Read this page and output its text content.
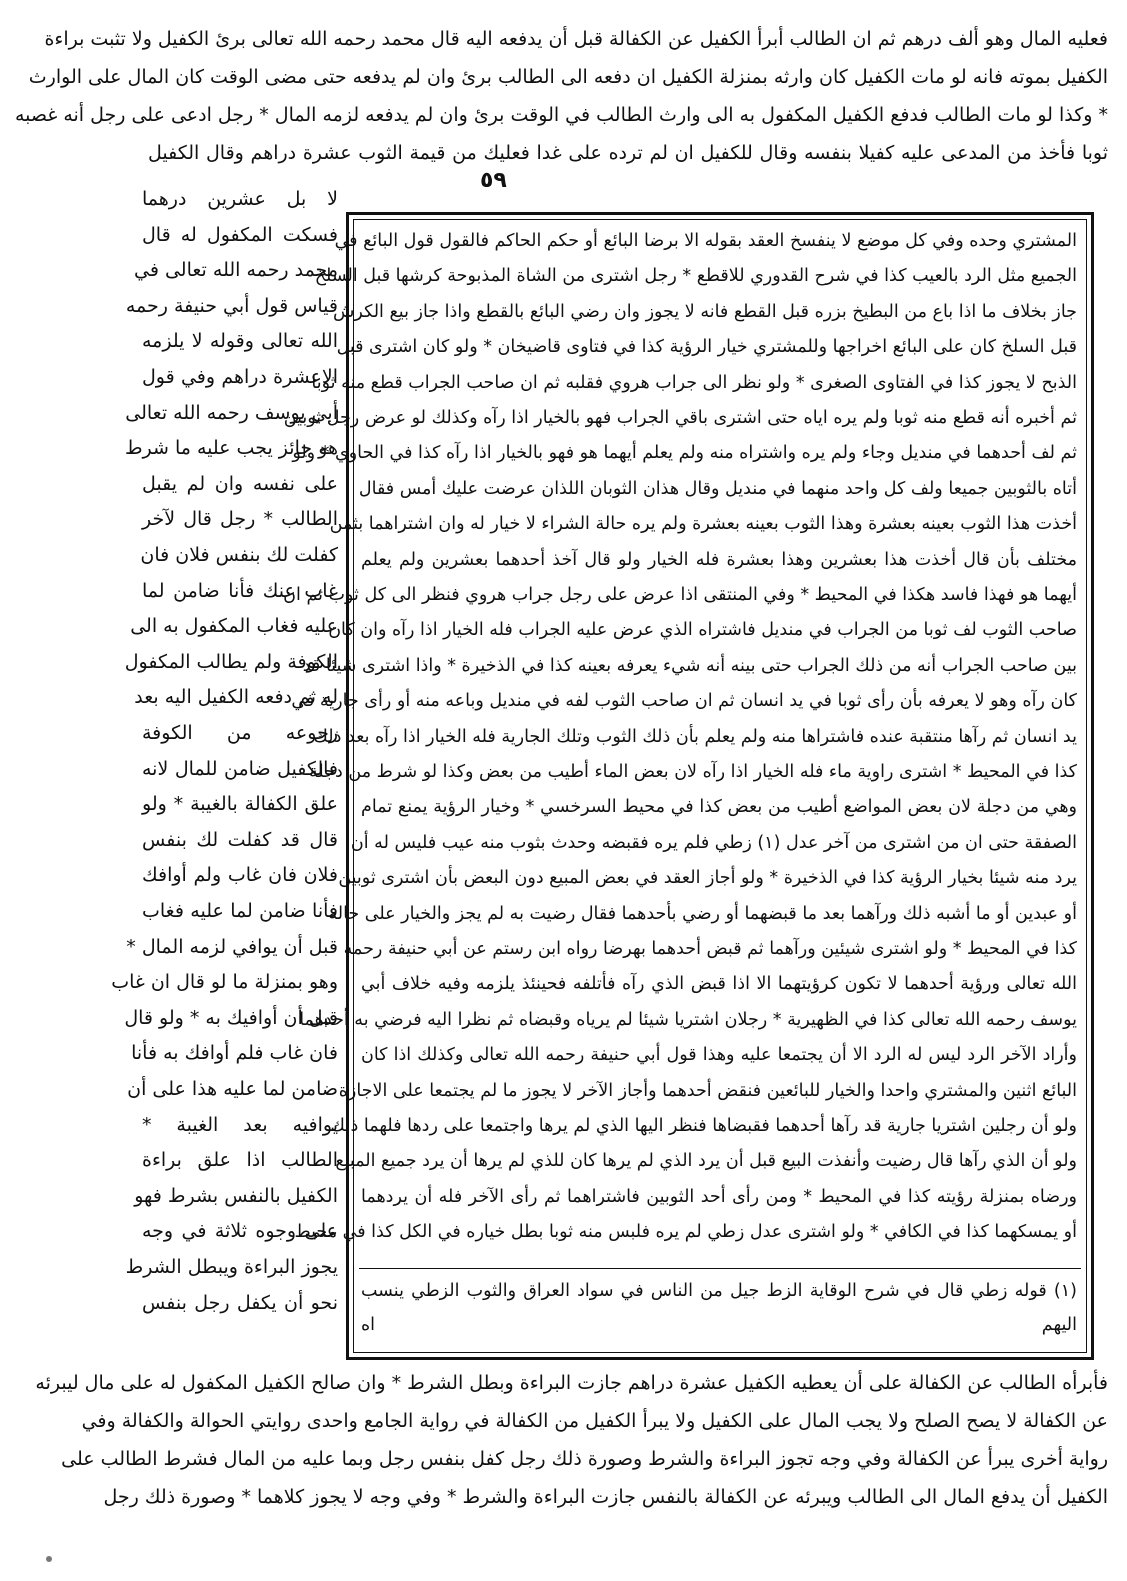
فعليه المال وهو ألف درهم ثم ان الطالب أبرأ الكفيل عن الكفالة قبل أن يدفعه اليه قال محمد رحمه الله تعالى برئ الكفيل ولا تثبت براءة
الكفيل بموته فانه لو مات الكفيل كان وارثه بمنزلة الكفيل ان دفعه الى الطالب برئ وان لم يدفعه حتى مضى الوقت كان المال على الوارث
* وكذا لو مات الطالب فدفع الكفيل المكفول به الى وارث الطالب في الوقت برئ وان لم يدفعه لزمه المال * رجل ادعى على رجل أنه غصبه
ثوبا فأخذ من المدعى عليه كفيلا بنفسه وقال للكفيل ان لم ترده على غدا فعليك من قيمة الثوب عشرة دراهم وقال الكفيل
٥٩
المشتري وحده وفي كل موضع لا ينفسخ العقد بقوله الا برضا البائع أو حكم الحاكم فالقول قول البائع في
الجميع مثل الرد بالعيب كذا في شرح القدوري للاقطع * رجل اشترى من الشاة المذبوحة كرشها قبل السلخ
جاز بخلاف ما اذا باع من البطيخ بزره قبل القطع فانه لا يجوز وان رضي البائع بالقطع واذا جاز بيع الكرش
قبل السلخ كان على البائع اخراجها وللمشتري خيار الرؤية كذا في فتاوى قاضيخان * ولو كان اشترى قبل
الذبح لا يجوز كذا في الفتاوى الصغرى * ولو نظر الى جراب هروي فقلبه ثم ان صاحب الجراب قطع منه ثوبا
ثم أخبره أنه قطع منه ثوبا ولم يره اياه حتى اشترى باقي الجراب فهو بالخيار اذا رآه وكذلك لو عرض رجل ثوبين
ثم لف أحدهما في منديل وجاء ولم يره واشتراه منه ولم يعلم أيهما هو فهو بالخيار اذا رآه كذا في الحاوي * ولو
أتاه بالثوبين جميعا ولف كل واحد منهما في منديل وقال هذان الثوبان اللذان عرضت عليك أمس فقال
أخذت هذا الثوب بعينه بعشرة وهذا الثوب بعينه بعشرة ولم يره حالة الشراء لا خيار له وان اشتراهما بثمن
مختلف بأن قال أخذت هذا بعشرين وهذا بعشرة فله الخيار ولو قال آخذ أحدهما بعشرين ولم يعلم
أيهما هو فهذا فاسد هكذا في المحيط * وفي المنتقى اذا عرض على رجل جراب هروي فنظر الى كل ثوب ثم ان
صاحب الثوب لف ثوبا من الجراب في منديل فاشتراه الذي عرض عليه الجراب فله الخيار اذا رآه وان كان
بين صاحب الجراب أنه من ذلك الجراب حتى بينه أنه شيء يعرفه بعينه كذا في الذخيرة * واذا اشترى شيئا قد
كان رآه وهو لا يعرفه بأن رأى ثوبا في يد انسان ثم ان صاحب الثوب لفه في منديل وباعه منه أو رأى جارية في
يد انسان ثم رآها منتقبة عنده فاشتراها منه ولم يعلم بأن ذلك الثوب وتلك الجارية فله الخيار اذا رآه بعد ذلك
كذا في المحيط * اشترى راوية ماء فله الخيار اذا رآه لان بعض الماء أطيب من بعض وكذا لو شرط من دجلة
وهي من دجلة لان بعض المواضع أطيب من بعض كذا في محيط السرخسي * وخيار الرؤية يمنع تمام
الصفقة حتى ان من اشترى من آخر عدل (١) زطي فلم يره فقبضه وحدث بثوب منه عيب فليس له أن
يرد منه شيئا بخيار الرؤية كذا في الذخيرة * ولو أجاز العقد في بعض المبيع دون البعض بأن اشترى ثوبين
أو عبدين أو ما أشبه ذلك ورآهما بعد ما قبضهما أو رضي بأحدهما فقال رضيت به لم يجز والخيار على حاله
كذا في المحيط * ولو اشترى شيئين ورآهما ثم قبض أحدهما بهرضا رواه ابن رستم عن أبي حنيفة رحمه
الله تعالى ورؤية أحدهما لا تكون كرؤيتهما الا اذا قبض الذي رآه فأتلفه فحينئذ يلزمه وفيه خلاف أبي
يوسف رحمه الله تعالى كذا في الظهيرية * رجلان اشتريا شيئا لم يرياه وقبضاه ثم نظرا اليه فرضي به أحدهما
وأراد الآخر الرد ليس له الرد الا أن يجتمعا عليه وهذا قول أبي حنيفة رحمه الله تعالى وكذلك اذا كان
البائع اثنين والمشتري واحدا والخيار للبائعين فنقض أحدهما وأجاز الآخر لا يجوز ما لم يجتمعا على الاجازة
ولو أن رجلين اشتريا جارية قد رآها أحدهما فقبضاها فنظر اليها الذي لم يرها واجتمعا على ردها فلهما ذلك
ولو أن الذي رآها قال رضيت وأنفذت البيع قبل أن يرد الذي لم يرها كان للذي لم يرها أن يرد جميع المبيع
ورضاه بمنزلة رؤيته كذا في المحيط * ومن رأى أحد الثوبين فاشتراهما ثم رأى الآخر فله أن يردهما
أو يمسكهما كذا في الكافي * ولو اشترى عدل زطي لم يره فلبس منه ثوبا بطل خياره في الكل كذا في محيط
(١) قوله زطي قال في شرح الوقاية الزط جيل من الناس في سواد العراق والثوب الزطي ينسب
اليهم اه
لا بل عشرين درهما
فسكت المكفول له قال
محمد رحمه الله تعالى في
قياس قول أبي حنيفة رحمه
الله تعالى وقوله لا يلزمه
الاعشرة دراهم وفي قول
أبي يوسف رحمه الله تعالى
هو جائز يجب عليه ما شرط
على نفسه وان لم يقبل
الطالب * رجل قال لآخر
كفلت لك بنفس فلان فان
غاب عنك فأنا ضامن لما
عليه فغاب المكفول به الى
الكوفة ولم يطالب المكفول
له ثم دفعه الكفيل اليه بعد
رجوعه من الكوفة
فالكفيل ضامن للمال لانه
علق الكفالة بالغيبة * ولو
قال قد كفلت لك بنفس
فلان فان غاب ولم أوافك
فأنا ضامن لما عليه فغاب
قبل أن يوافي لزمه المال *
وهو بمنزلة ما لو قال ان غاب
قبل أن أوافيك به * ولو قال
فان غاب فلم أوافك به فأنا
ضامن لما عليه هذا على أن
يوافيه بعد الغيبة *
الطالب اذا علق براءة
الكفيل بالنفس بشرط فهو
على وجوه ثلاثة في وجه
يجوز البراءة ويبطل الشرط
نحو أن يكفل رجل بنفس
فأبرأه الطالب عن الكفالة على أن يعطيه الكفيل عشرة دراهم جازت البراءة وبطل الشرط * وان صالح الكفيل المكفول له على مال ليبرئه
عن الكفالة لا يصح الصلح ولا يجب المال على الكفيل ولا يبرأ الكفيل من الكفالة في رواية الجامع واحدى روايتي الحوالة والكفالة وفي
رواية أخرى يبرأ عن الكفالة وفي وجه تجوز البراءة والشرط وصورة ذلك رجل كفل بنفس رجل وبما عليه من المال فشرط الطالب على
الكفيل أن يدفع المال الى الطالب ويبرئه عن الكفالة بالنفس جازت البراءة والشرط * وفي وجه لا يجوز كلاهما * وصورة ذلك رجل
